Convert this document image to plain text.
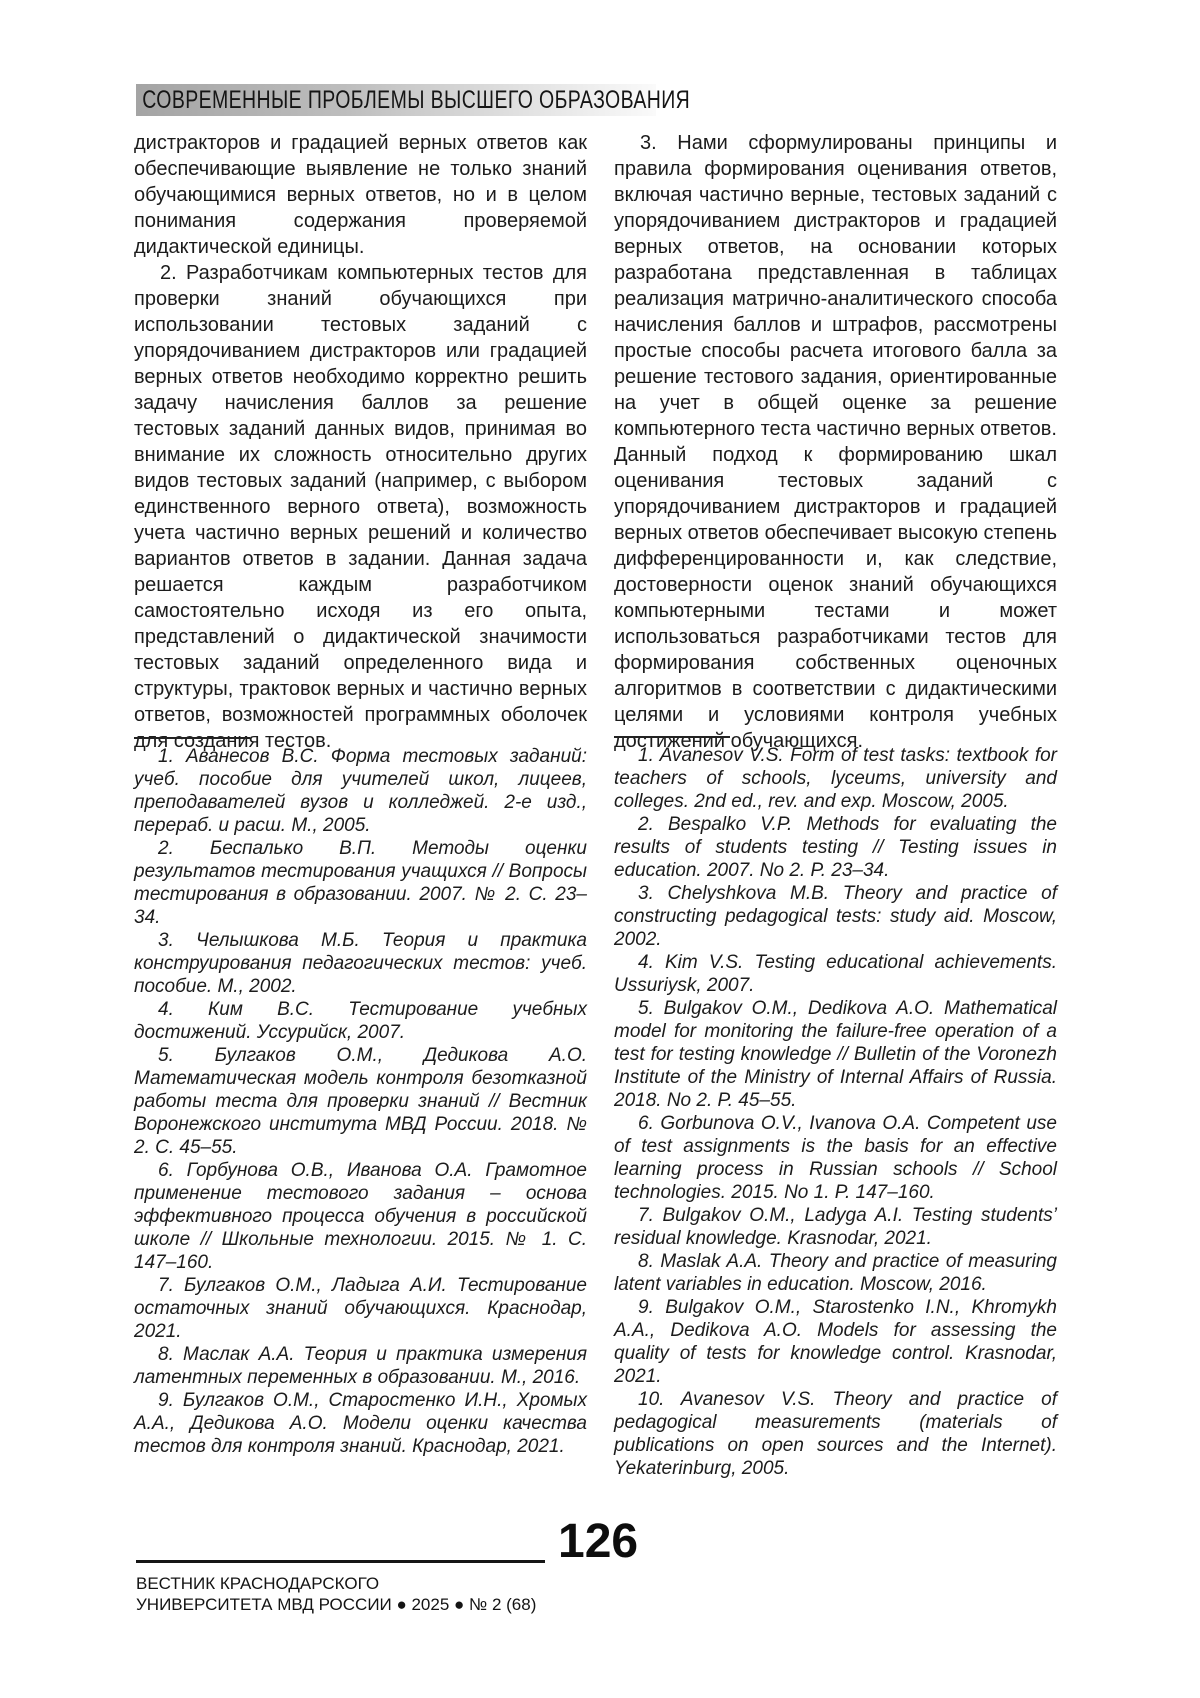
СОВРЕМЕННЫЕ ПРОБЛЕМЫ ВЫСШЕГО ОБРАЗОВАНИЯ

дистракторов и градацией верных ответов как обеспечивающие выявление не только знаний обучающимися верных ответов, но и в целом понимания содержания проверяемой дидактической единицы.

2. Разработчикам компьютерных тестов для проверки знаний обучающихся при использовании тестовых заданий с упорядочиванием дистракторов или градацией верных ответов необходимо корректно решить задачу начисления баллов за решение тестовых заданий данных видов, принимая во внимание их сложность относительно других видов тестовых заданий (например, с выбором единственного верного ответа), возможность учета частично верных решений и количество вариантов ответов в задании. Данная задача решается каждым разработчиком самостоятельно исходя из его опыта, представлений о дидактической значимости тестовых заданий определенного вида и структуры, трактовок верных и частично верных ответов, возможностей программных оболочек для создания тестов.

3. Нами сформулированы принципы и правила формирования оценивания ответов, включая частично верные, тестовых заданий с упорядочиванием дистракторов и градацией верных ответов, на основании которых разработана представленная в таблицах реализация матрично-аналитического способа начисления баллов и штрафов, рассмотрены простые способы расчета итогового балла за решение тестового задания, ориентированные на учет в общей оценке за решение компьютерного теста частично верных ответов. Данный подход к формированию шкал оценивания тестовых заданий с упорядочиванием дистракторов и градацией верных ответов обеспечивает высокую степень дифференцированности и, как следствие, достоверности оценок знаний обучающихся компьютерными тестами и может использоваться разработчиками тестов для формирования собственных оценочных алгоритмов в соответствии с дидактическими целями и условиями контроля учебных достижений обучающихся.

1. Аванесов В.С. Форма тестовых заданий: учеб. пособие для учителей школ, лицеев, преподавателей вузов и колледжей. 2-е изд., перераб. и расш. М., 2005.

2. Беспалько В.П. Методы оценки результатов тестирования учащихся // Вопросы тестирования в образовании. 2007. № 2. С. 23–34.

3. Челышкова М.Б. Теория и практика конструирования педагогических тестов: учеб. пособие. М., 2002.

4. Ким В.С. Тестирование учебных достижений. Уссурийск, 2007.

5. Булгаков О.М., Дедикова А.О. Математическая модель контроля безотказной работы теста для проверки знаний // Вестник Воронежского института МВД России. 2018. № 2. С. 45–55.

6. Горбунова О.В., Иванова О.А. Грамотное применение тестового задания – основа эффективного процесса обучения в российской школе // Школьные технологии. 2015. № 1. С. 147–160.

7. Булгаков О.М., Ладыга А.И. Тестирование остаточных знаний обучающихся. Краснодар, 2021.

8. Маслак А.А. Теория и практика измерения латентных переменных в образовании. М., 2016.

9. Булгаков О.М., Старостенко И.Н., Хромых А.А., Дедикова А.О. Модели оценки качества тестов для контроля знаний. Краснодар, 2021.

1. Avanesov V.S. Form of test tasks: textbook for teachers of schools, lyceums, university and colleges. 2nd ed., rev. and exp. Moscow, 2005.

2. Bespalko V.P. Methods for evaluating the results of students testing // Testing issues in education. 2007. No 2. P. 23–34.

3. Chelyshkova M.B. Theory and practice of constructing pedagogical tests: study aid. Moscow, 2002.

4. Kim V.S. Testing educational achievements. Ussuriysk, 2007.

5. Bulgakov O.M., Dedikova A.O. Mathematical model for monitoring the failure-free operation of a test for testing knowledge // Bulletin of the Voronezh Institute of the Ministry of Internal Affairs of Russia. 2018. No 2. P. 45–55.

6. Gorbunova O.V., Ivanova O.A. Competent use of test assignments is the basis for an effective learning process in Russian schools // School technologies. 2015. No 1. P. 147–160.

7. Bulgakov O.M., Ladyga A.I. Testing students’ residual knowledge. Krasnodar, 2021.

8. Maslak A.A. Theory and practice of measuring latent variables in education. Moscow, 2016.

9. Bulgakov O.M., Starostenko I.N., Khromykh A.A., Dedikova A.O. Models for assessing the quality of tests for knowledge control. Krasnodar, 2021.

10. Avanesov V.S. Theory and practice of pedagogical measurements (materials of publications on open sources and the Internet). Yekaterinburg, 2005.

126
ВЕСТНИК КРАСНОДАРСКОГО
УНИВЕРСИТЕТА МВД РОССИИ ● 2025 ● № 2 (68)
